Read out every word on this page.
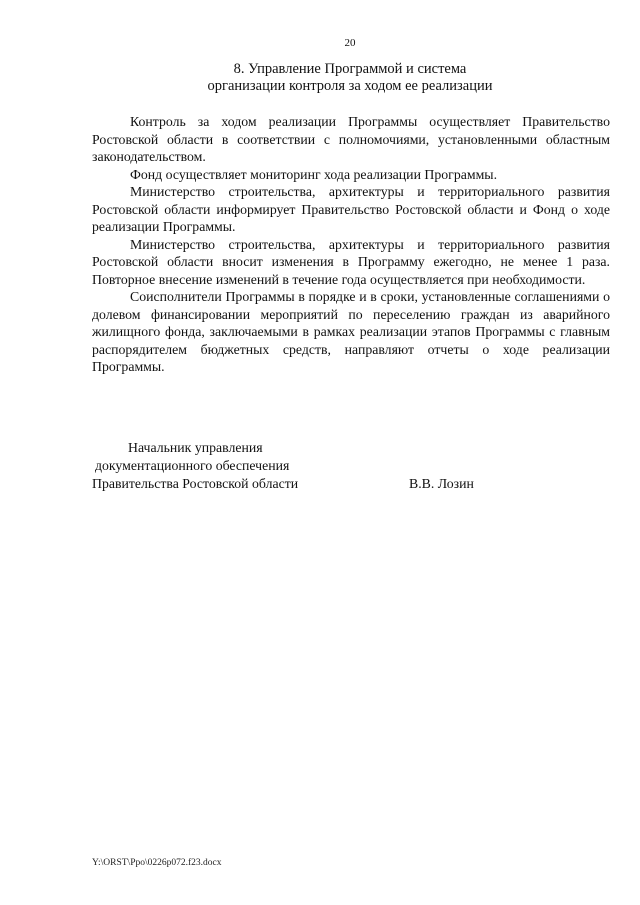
20
8. Управление Программой и система
организации контроля за ходом ее реализации

Контроль за ходом реализации Программы осуществляет Правительство Ростовской области в соответствии с полномочиями, установленными областным законодательством.

Фонд осуществляет мониторинг хода реализации Программы.

Министерство строительства, архитектуры и территориального развития Ростовской области информирует Правительство Ростовской области и Фонд о ходе реализации Программы.

Министерство строительства, архитектуры и территориального развития Ростовской области вносит изменения в Программу ежегодно, не менее 1 раза. Повторное внесение изменений в течение года осуществляется при необходимости.

Соисполнители Программы в порядке и в сроки, установленные соглашениями о долевом финансировании мероприятий по переселению граждан из аварийного жилищного фонда, заключаемыми в рамках реализации этапов Программы с главным распорядителем бюджетных средств, направляют отчеты о ходе реализации Программы.

Начальник управления
документационного обеспечения
Правительства Ростовской области	В.В. Лозин
Y:\ORST\Ppo\0226p072.f23.docx
